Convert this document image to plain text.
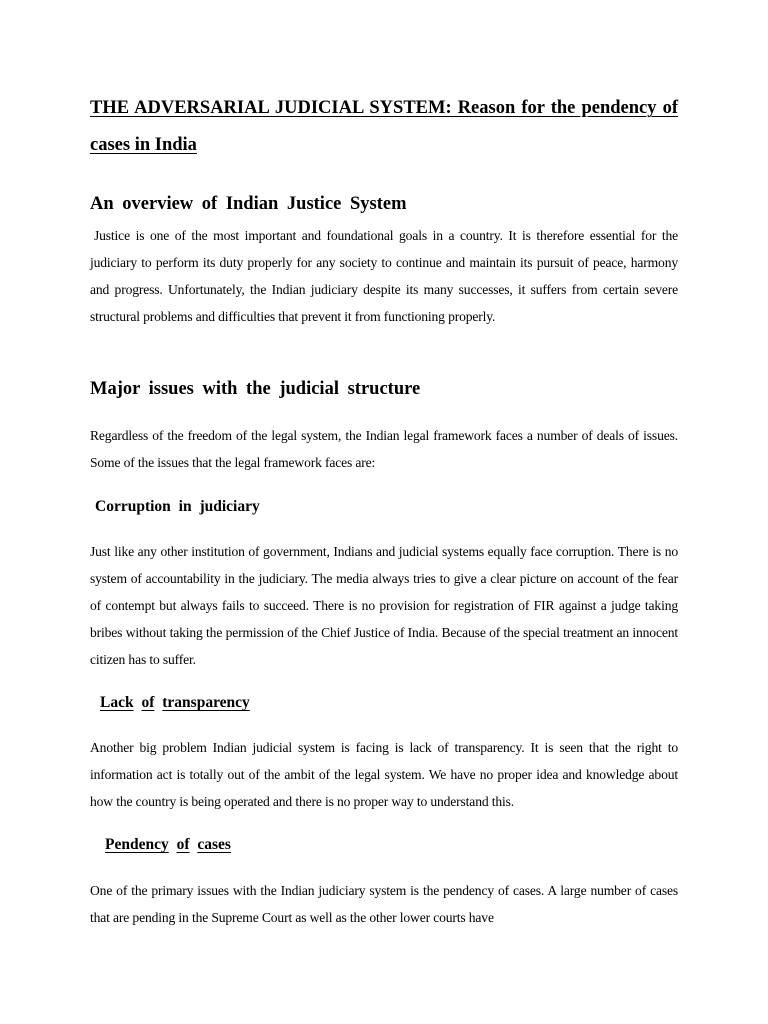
THE ADVERSARIAL JUDICIAL SYSTEM: Reason for the pendency of cases in India
An overview of Indian Justice System

Justice is one of the most important and foundational goals in a country. It is therefore essential for the judiciary to perform its duty properly for any society to continue and maintain its pursuit of peace, harmony and progress. Unfortunately, the Indian judiciary despite its many successes, it suffers from certain severe structural problems and difficulties that prevent it from functioning properly.

Major issues with the judicial structure

Regardless of the freedom of the legal system, the Indian legal framework faces a number of deals of issues. Some of the issues that the legal framework faces are:

Corruption in judiciary

Just like any other institution of government, Indians and judicial systems equally face corruption. There is no system of accountability in the judiciary. The media always tries to give a clear picture on account of the fear of contempt but always fails to succeed. There is no provision for registration of FIR against a judge taking bribes without taking the permission of the Chief Justice of India. Because of the special treatment an innocent citizen has to suffer.

Lack of transparency

Another big problem Indian judicial system is facing is lack of transparency. It is seen that the right to information act is totally out of the ambit of the legal system. We have no proper idea and knowledge about how the country is being operated and there is no proper way to understand this.

Pendency of cases

One of the primary issues with the Indian judiciary system is the pendency of cases. A large number of cases that are pending in the Supreme Court as well as the other lower courts have
